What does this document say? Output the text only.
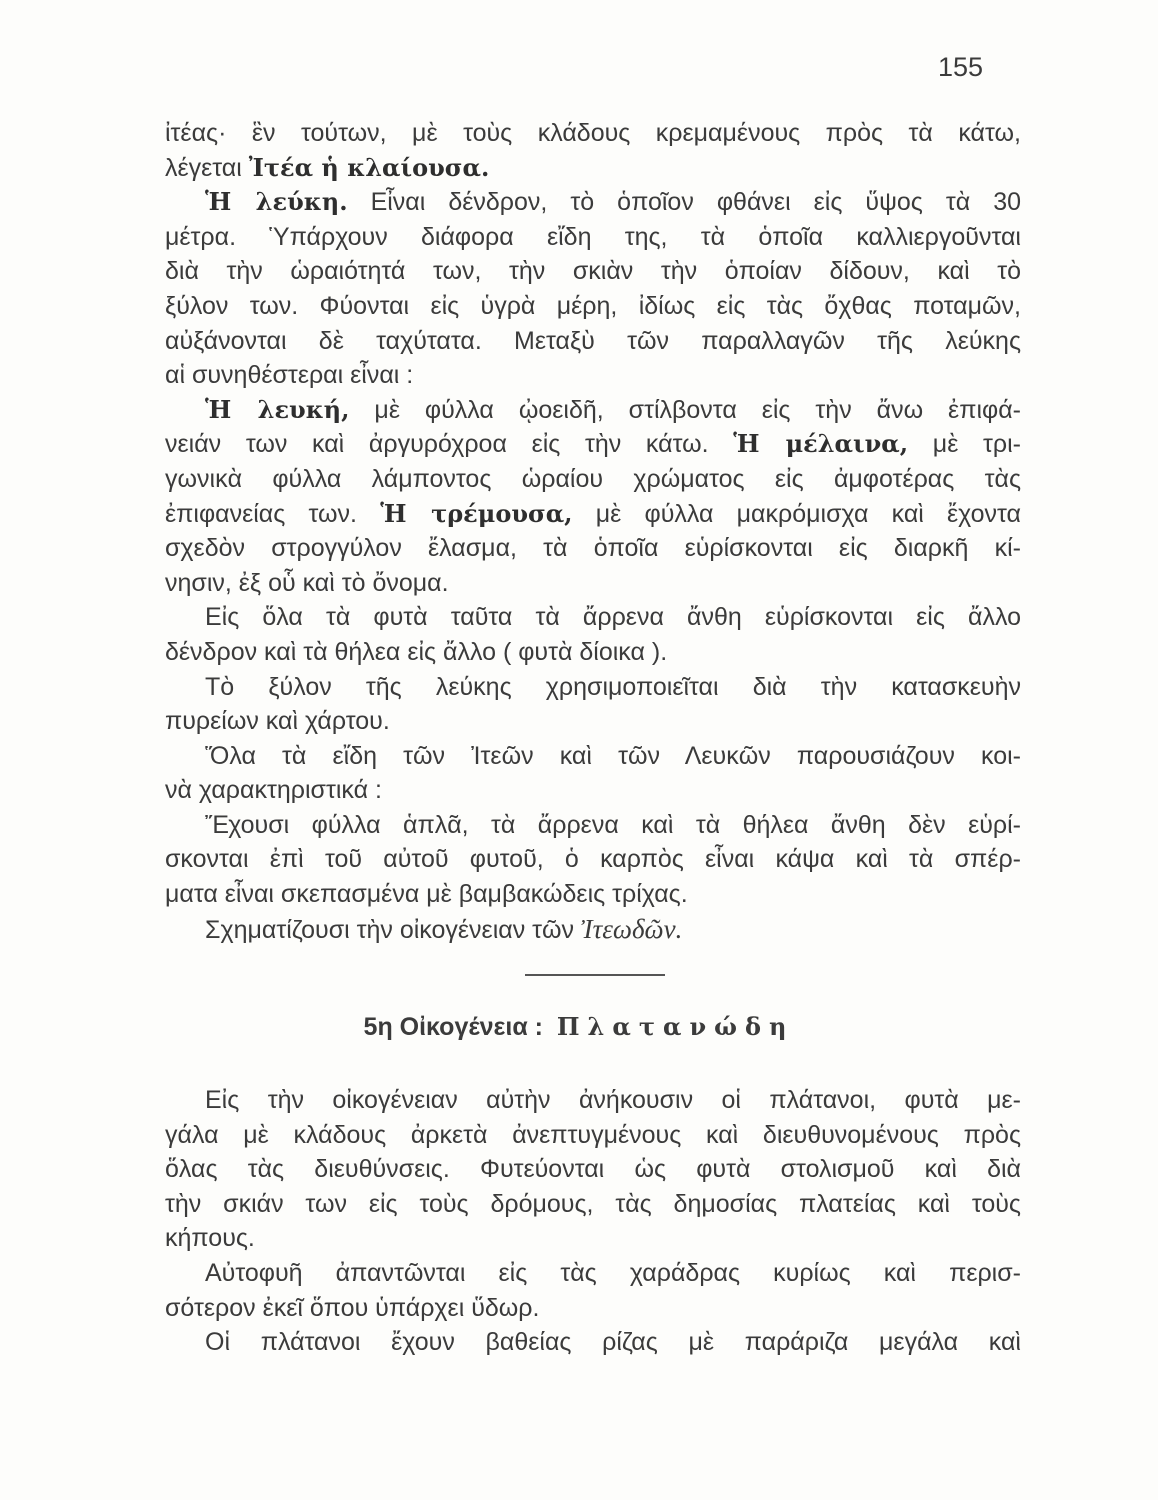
155
ἰτέας· ἓν τούτων, μὲ τοὺς κλάδους κρεμαμένους πρὸς τὰ κάτω,
λέγεται Ἰτέα ἡ κλαίουσα.
Ἡ λεύκη. Εἶναι δένδρον, τὸ ὁποῖον φθάνει εἰς ὕψος τὰ 30
μέτρα. Ὑπάρχουν διάφορα εἴδη της, τὰ ὁποῖα καλλιεργοῦνται
διὰ τὴν ὡραιότητά των, τὴν σκιὰν τὴν ὁποίαν δίδουν, καὶ τὸ
ξύλον των. Φύονται εἰς ὑγρὰ μέρη, ἰδίως εἰς τὰς ὄχθας ποταμῶν,
αὐξάνονται δὲ ταχύτατα. Μεταξὺ τῶν παραλλαγῶν τῆς λεύκης
αἱ συνηθέστεραι εἶναι :
Ἡ λευκή, μὲ φύλλα ᾠοειδῆ, στίλβοντα εἰς τὴν ἄνω ἐπιφά-
νειάν των καὶ ἀργυρόχροα εἰς τὴν κάτω. Ἡ μέλαινα, μὲ τρι-
γωνικὰ φύλλα λάμποντος ὡραίου χρώματος εἰς ἀμφοτέρας τὰς
ἐπιφανείας των. Ἡ τρέμουσα, μὲ φύλλα μακρόμισχα καὶ ἔχοντα
σχεδὸν στρογγύλον ἔλασμα, τὰ ὁποῖα εὑρίσκονται εἰς διαρκῆ κί-
νησιν, ἐξ οὗ καὶ τὸ ὄνομα.
Εἰς ὅλα τὰ φυτὰ ταῦτα τὰ ἄρρενα ἄνθη εὑρίσκονται εἰς ἄλλο
δένδρον καὶ τὰ θήλεα εἰς ἄλλο ( φυτὰ δίοικα ).
Τὸ ξύλον τῆς λεύκης χρησιμοποιεῖται διὰ τὴν κατασκευὴν
πυρείων καὶ χάρτου.
Ὅλα τὰ εἴδη τῶν Ἰτεῶν καὶ τῶν Λευκῶν παρουσιάζουν κοι-
νὰ χαρακτηριστικά :
Ἔχουσι φύλλα ἁπλᾶ, τὰ ἄρρενα καὶ τὰ θήλεα ἄνθη δὲν εὑρί-
σκονται ἐπὶ τοῦ αὐτοῦ φυτοῦ, ὁ καρπὸς εἶναι κάψα καὶ τὰ σπέρ-
ματα εἶναι σκεπασμένα μὲ βαμβακώδεις τρίχας.
Σχηματίζουσι τὴν οἰκογένειαν τῶν Ἰτεωδῶν.
5η Οἰκογένεια : Πλατανώδη
Εἰς τὴν οἰκογένειαν αὐτὴν ἀνήκουσιν οἱ πλάτανοι, φυτὰ με-
γάλα μὲ κλάδους ἀρκετὰ ἀνεπτυγμένους καὶ διευθυνομένους πρὸς
ὅλας τὰς διευθύνσεις. Φυτεύονται ὡς φυτὰ στολισμοῦ καὶ διὰ
τὴν σκιάν των εἰς τοὺς δρόμους, τὰς δημοσίας πλατείας καὶ τοὺς
κήπους.
Αὐτοφυῆ ἀπαντῶνται εἰς τὰς χαράδρας κυρίως καὶ περισ-
σότερον ἐκεῖ ὅπου ὑπάρχει ὕδωρ.
Οἱ πλάτανοι ἔχουν βαθείας ρίζας μὲ παράριζα μεγάλα καὶ
